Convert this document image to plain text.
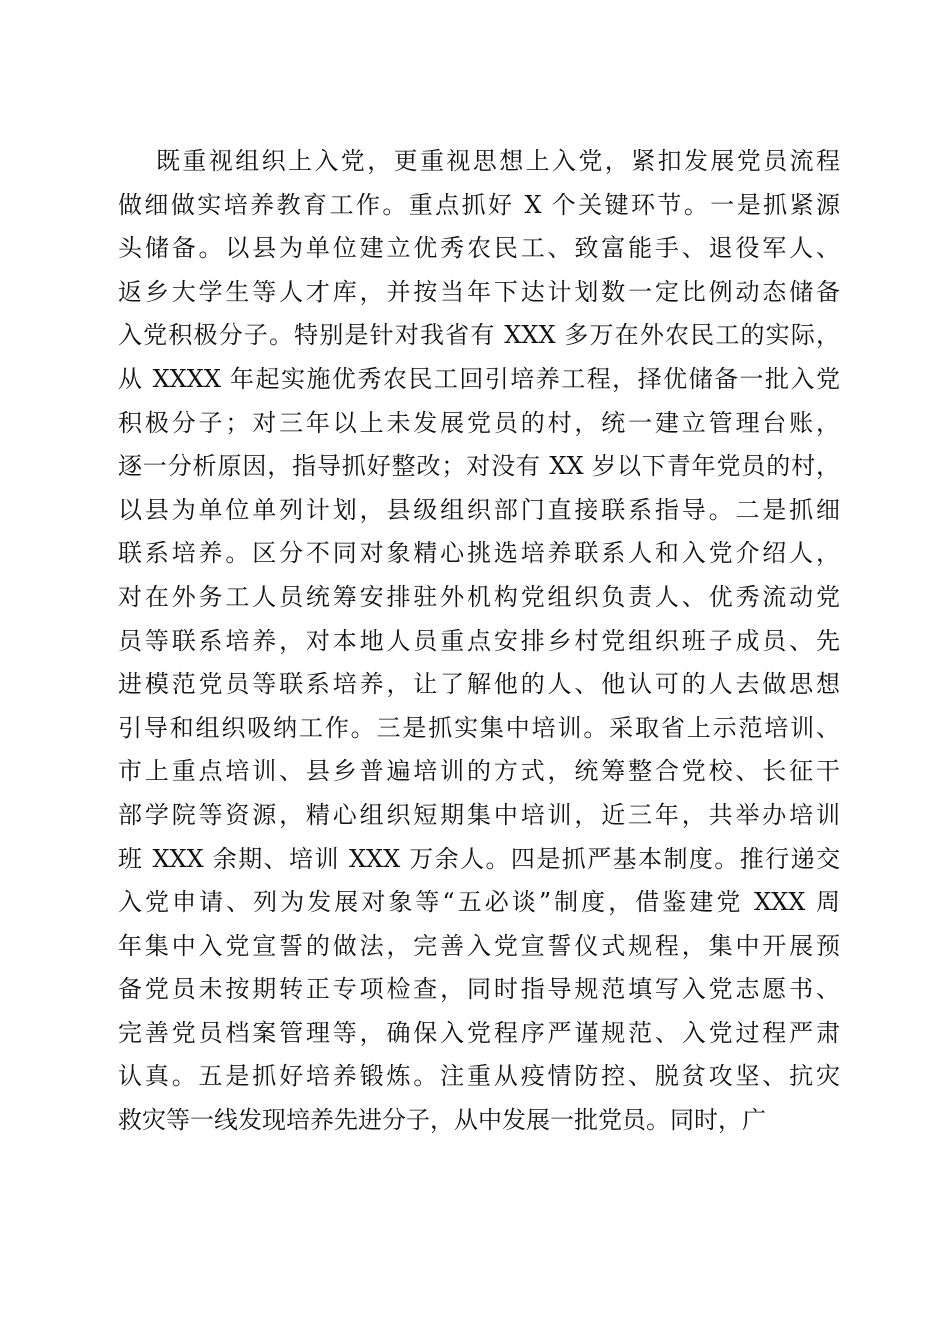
既重视组织上入党，更重视思想上入党，紧扣发展党员流程
做细做实培养教育工作。重点抓好 X 个关键环节。一是抓紧源
头储备。以县为单位建立优秀农民工、致富能手、退役军人、
返乡大学生等人才库，并按当年下达计划数一定比例动态储备
入党积极分子。特别是针对我省有 XXX 多万在外农民工的实际，
从 XXXX 年起实施优秀农民工回引培养工程，择优储备一批入党
积极分子；对三年以上未发展党员的村，统一建立管理台账，
逐一分析原因，指导抓好整改；对没有 XX 岁以下青年党员的村，
以县为单位单列计划，县级组织部门直接联系指导。二是抓细
联系培养。区分不同对象精心挑选培养联系人和入党介绍人，
对在外务工人员统筹安排驻外机构党组织负责人、优秀流动党
员等联系培养，对本地人员重点安排乡村党组织班子成员、先
进模范党员等联系培养，让了解他的人、他认可的人去做思想
引导和组织吸纳工作。三是抓实集中培训。采取省上示范培训、
市上重点培训、县乡普遍培训的方式，统筹整合党校、长征干
部学院等资源，精心组织短期集中培训，近三年，共举办培训
班 XXX 余期、培训 XXX 万余人。四是抓严基本制度。推行递交
入党申请、列为发展对象等“五必谈”制度，借鉴建党 XXX 周
年集中入党宣誓的做法，完善入党宣誓仪式规程，集中开展预
备党员未按期转正专项检查，同时指导规范填写入党志愿书、
完善党员档案管理等，确保入党程序严谨规范、入党过程严肃
认真。五是抓好培养锻炼。注重从疫情防控、脱贫攻坚、抗灾
救灾等一线发现培养先进分子，从中发展一批党员。同时，广
